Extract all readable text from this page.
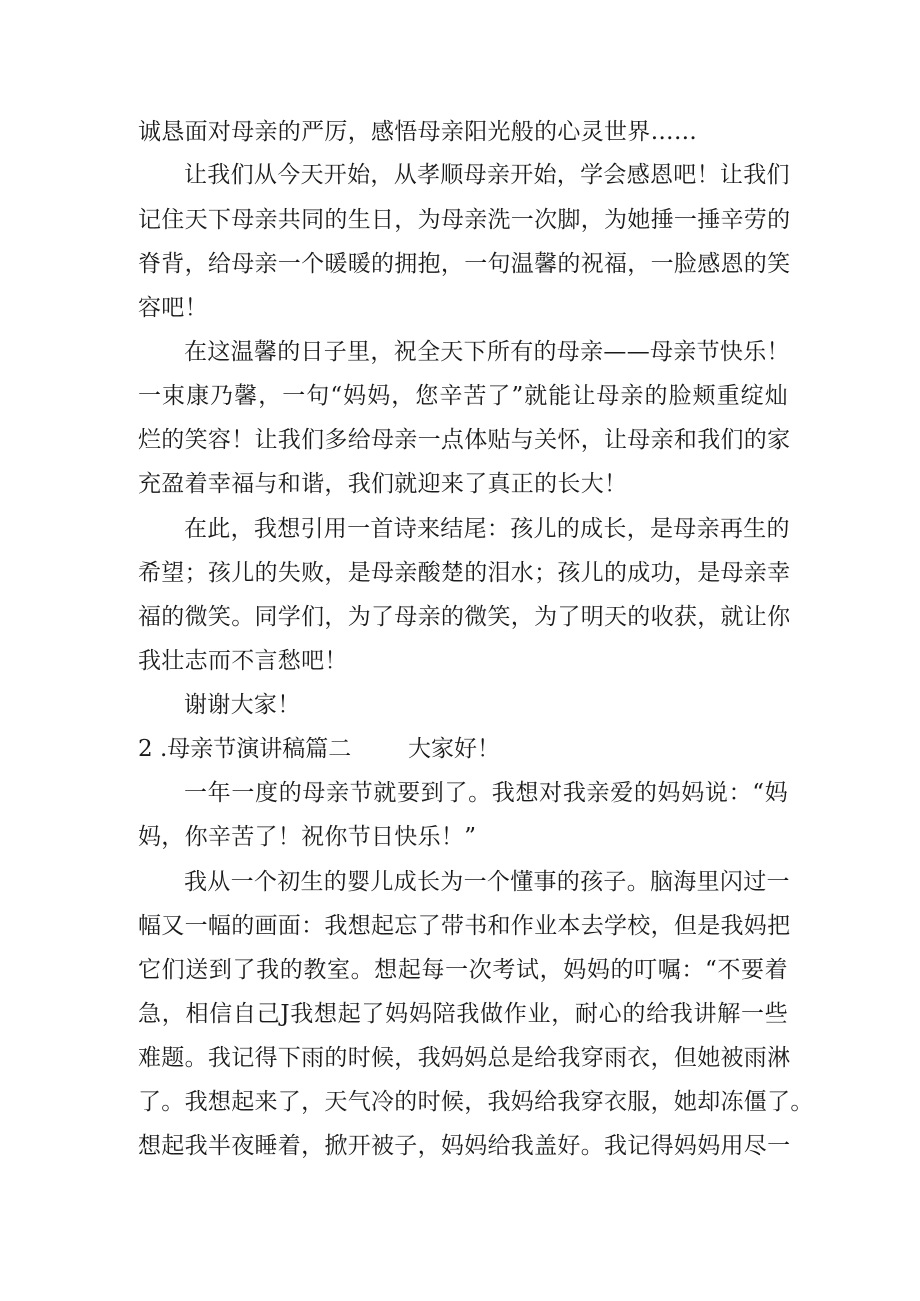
诚恳面对母亲的严厉，感悟母亲阳光般的心灵世界……
让我们从今天开始，从孝顺母亲开始，学会感恩吧！让我们
记住天下母亲共同的生日，为母亲洗一次脚，为她捶一捶辛劳的
脊背，给母亲一个暖暖的拥抱，一句温馨的祝福，一脸感恩的笑
容吧！
在这温馨的日子里，祝全天下所有的母亲——母亲节快乐！
一束康乃馨，一句“妈妈，您辛苦了”就能让母亲的脸颊重绽灿
烂的笑容！让我们多给母亲一点体贴与关怀，让母亲和我们的家
充盈着幸福与和谐，我们就迎来了真正的长大！
在此，我想引用一首诗来结尾：孩儿的成长，是母亲再生的
希望；孩儿的失败，是母亲酸楚的泪水；孩儿的成功，是母亲幸
福的微笑。同学们，为了母亲的微笑，为了明天的收获，就让你
我壮志而不言愁吧！
谢谢大家！
2 .母亲节演讲稿篇二 大家好！
一年一度的母亲节就要到了。我想对我亲爱的妈妈说：“妈
妈，你辛苦了！祝你节日快乐！”
我从一个初生的婴儿成长为一个懂事的孩子。脑海里闪过一
幅又一幅的画面：我想起忘了带书和作业本去学校，但是我妈把
它们送到了我的教室。想起每一次考试，妈妈的叮嘱：“不要着
急，相信自己J我想起了妈妈陪我做作业，耐心的给我讲解一些
难题。我记得下雨的时候，我妈妈总是给我穿雨衣，但她被雨淋
了。我想起来了，天气冷的时候，我妈给我穿衣服，她却冻僵了。
想起我半夜睡着，掀开被子，妈妈给我盖好。我记得妈妈用尽一
